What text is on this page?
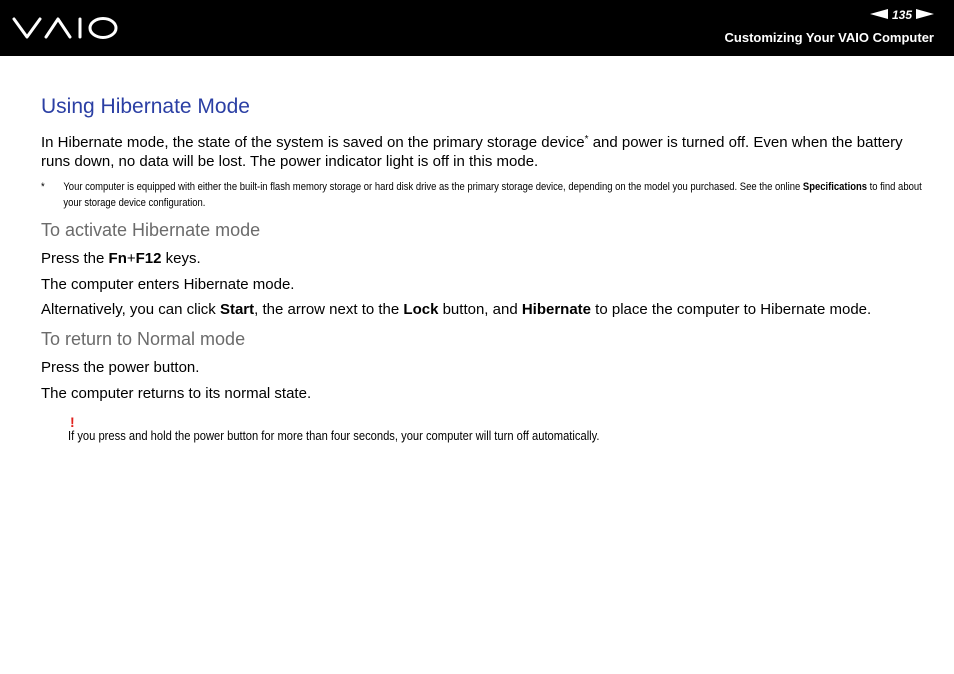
135
Customizing Your VAIO Computer
Using Hibernate Mode

In Hibernate mode, the state of the system is saved on the primary storage device* and power is turned off. Even when the battery runs down, no data will be lost. The power indicator light is off in this mode.

* Your computer is equipped with either the built-in flash memory storage or hard disk drive as the primary storage device, depending on the model you purchased. See the online Specifications to find about your storage device configuration.
To activate Hibernate mode

Press the Fn+F12 keys.

The computer enters Hibernate mode.

Alternatively, you can click Start, the arrow next to the Lock button, and Hibernate to place the computer to Hibernate mode.

To return to Normal mode

Press the power button.

The computer returns to its normal state.

!
If you press and hold the power button for more than four seconds, your computer will turn off automatically.
